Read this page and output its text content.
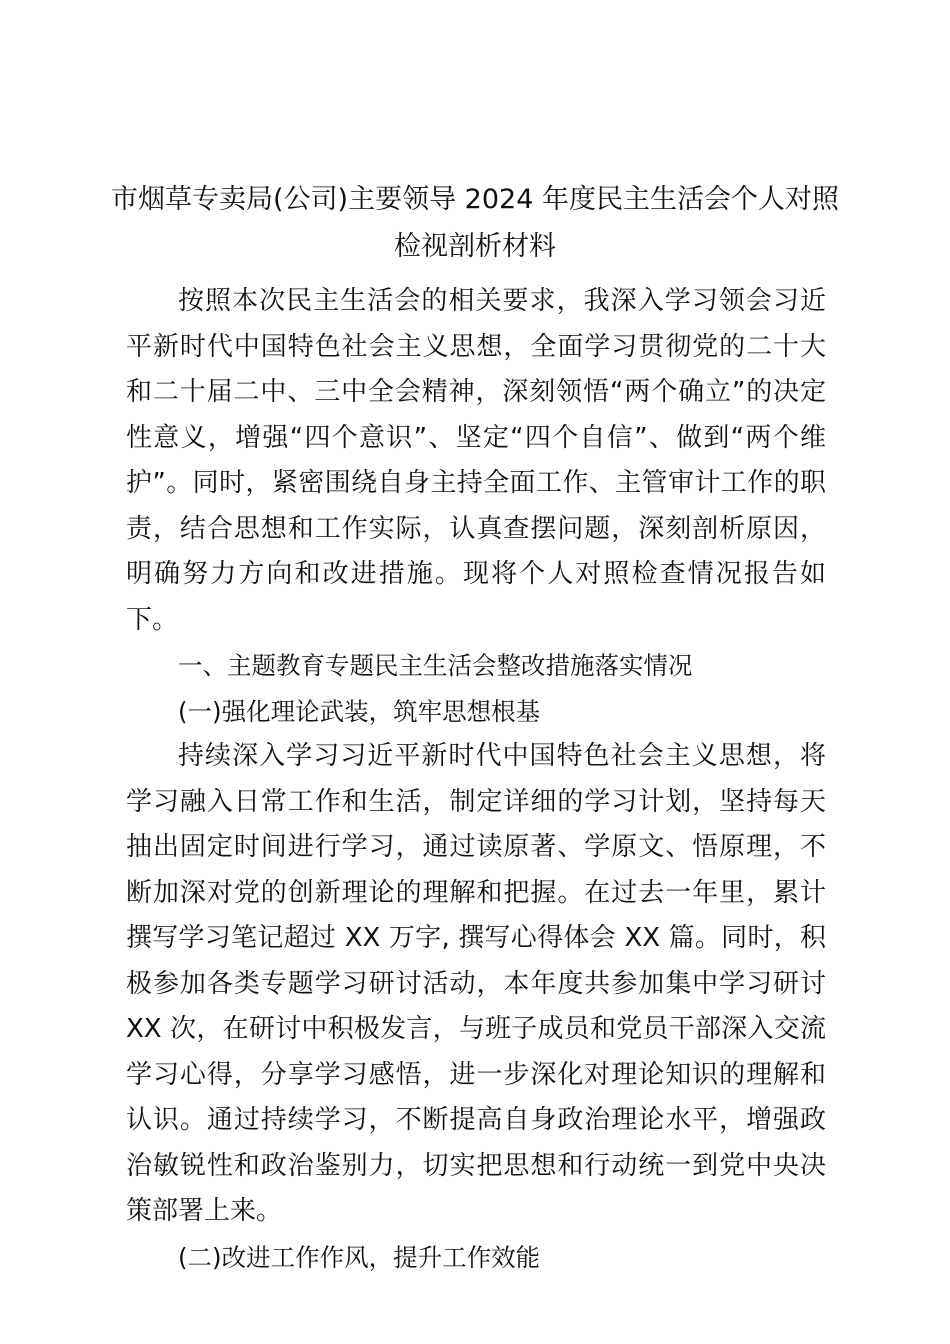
市烟草专卖局(公司)主要领导 2024 年度民主生活会个人对照检视剖析材料

按照本次民主生活会的相关要求，我深入学习领会习近平新时代中国特色社会主义思想，全面学习贯彻党的二十大和二十届二中、三中全会精神，深刻领悟“两个确立”的决定性意义，增强“四个意识”、坚定“四个自信”、做到“两个维护”。同时，紧密围绕自身主持全面工作、主管审计工作的职责，结合思想和工作实际，认真查摆问题，深刻剖析原因，明确努力方向和改进措施。现将个人对照检查情况报告如下。

一、主题教育专题民主生活会整改措施落实情况

(一)强化理论武装，筑牢思想根基

持续深入学习习近平新时代中国特色社会主义思想，将学习融入日常工作和生活，制定详细的学习计划，坚持每天抽出固定时间进行学习，通过读原著、学原文、悟原理，不断加深对党的创新理论的理解和把握。在过去一年里，累计撰写学习笔记超过 XX 万字, 撰写心得体会 XX 篇。同时，积极参加各类专题学习研讨活动，本年度共参加集中学习研讨 XX 次，在研讨中积极发言，与班子成员和党员干部深入交流学习心得，分享学习感悟，进一步深化对理论知识的理解和认识。通过持续学习，不断提高自身政治理论水平，增强政治敏锐性和政治鉴别力，切实把思想和行动统一到党中央决策部署上来。

(二)改进工作作风，提升工作效能
